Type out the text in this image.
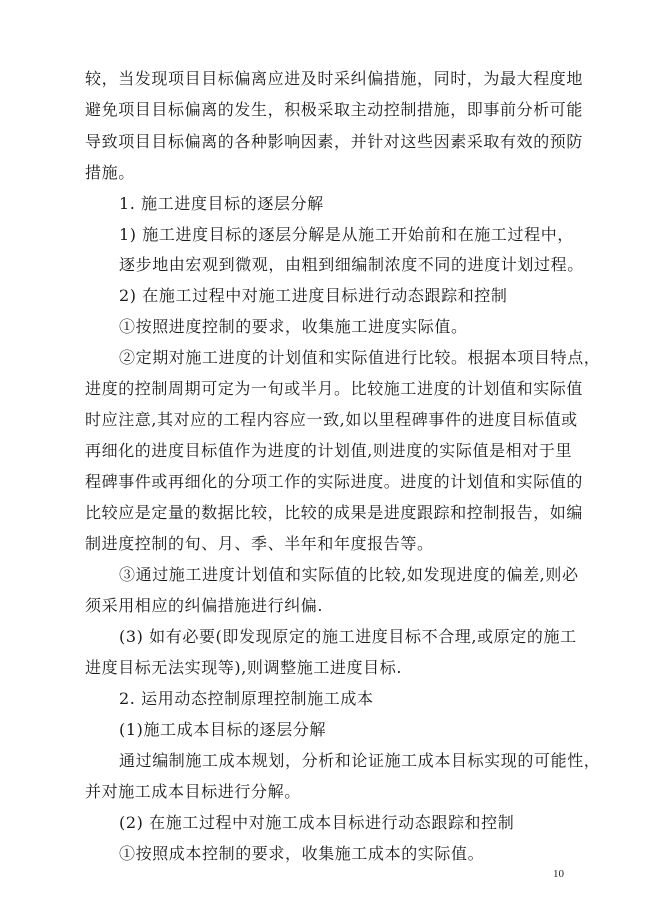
较，当发现项目目标偏离应进及时采纠偏措施，同时，为最大程度地
避免项目目标偏离的发生，积极采取主动控制措施，即事前分析可能
导致项目目标偏离的各种影响因素，并针对这些因素采取有效的预防
措施。
1. 施工进度目标的逐层分解
1) 施工进度目标的逐层分解是从施工开始前和在施工过程中，
逐步地由宏观到微观，由粗到细编制浓度不同的进度计划过程。
2) 在施工过程中对施工进度目标进行动态跟踪和控制
①按照进度控制的要求，收集施工进度实际值。
②定期对施工进度的计划值和实际值进行比较。根据本项目特点，
进度的控制周期可定为一旬或半月。比较施工进度的计划值和实际值
时应注意,其对应的工程内容应一致,如以里程碑事件的进度目标值或
再细化的进度目标值作为进度的计划值,则进度的实际值是相对于里
程碑事件或再细化的分项工作的实际进度。进度的计划值和实际值的
比较应是定量的数据比较，比较的成果是进度跟踪和控制报告，如编
制进度控制的旬、月、季、半年和年度报告等。
③通过施工进度计划值和实际值的比较,如发现进度的偏差,则必
须采用相应的纠偏措施进行纠偏.
(3) 如有必要(即发现原定的施工进度目标不合理,或原定的施工
进度目标无法实现等),则调整施工进度目标.
2. 运用动态控制原理控制施工成本
(1)施工成本目标的逐层分解
通过编制施工成本规划，分析和论证施工成本目标实现的可能性，
并对施工成本目标进行分解。
(2) 在施工过程中对施工成本目标进行动态跟踪和控制
①按照成本控制的要求，收集施工成本的实际值。
10
